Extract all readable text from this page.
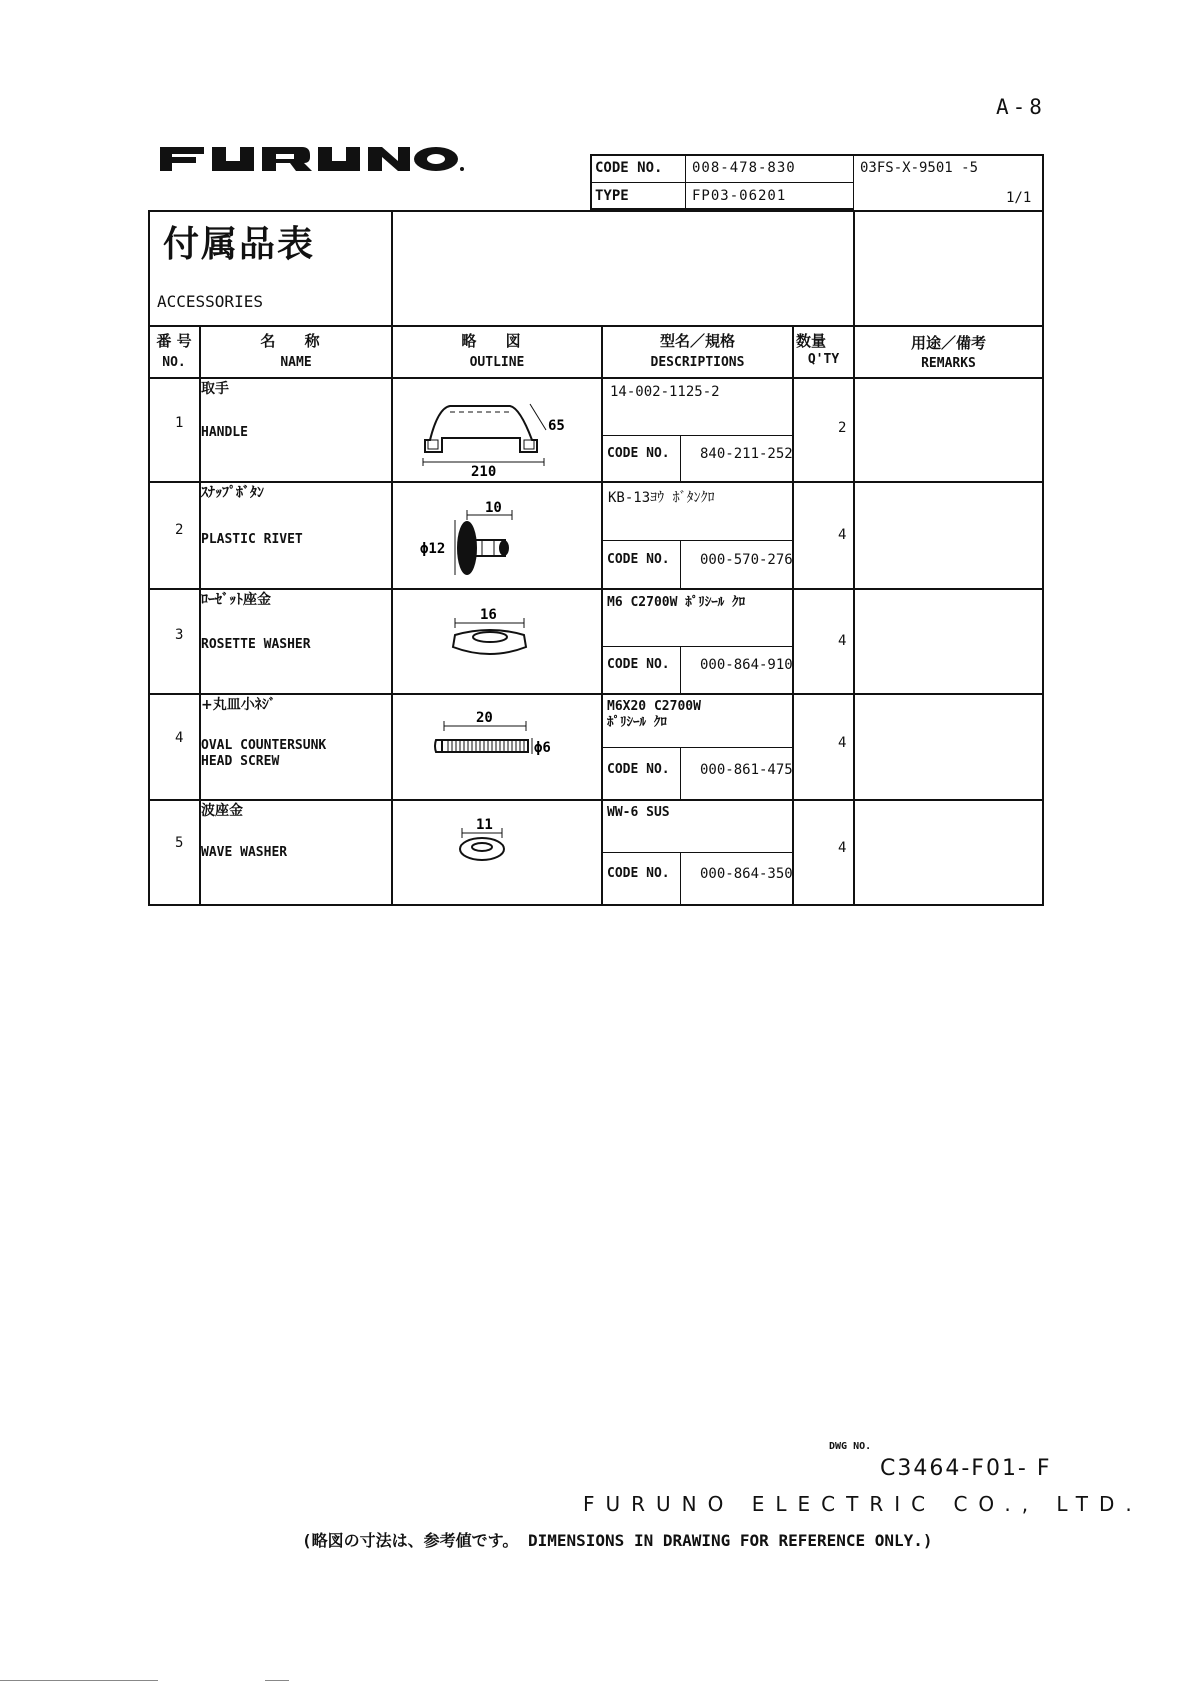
A-8
FURUNO	CODE NO. 008-478-830
TYPE	FP03-06201
03FS-X-9501 -5
1/1
付属品表
ACCESSORIES
番 号
NO.
名 称
NAME
略 図
OUTLINE
型名／規格
DESCRIPTIONS
数量
Q'TY
用途／備考
REMARKS
1
取手
HANDLE
14-002-1125-2
CODE NO. 840-211-252
2
210
65
2
ｽﾅｯﾌﾟﾎﾞﾀﾝ
PLASTIC RIVET
KB-13ﾖｳ ﾎﾞﾀﾝｸﾛ
CODE NO. 000-570-276
4
10
ϕ12
3
ﾛｰｾﾞｯﾄ座金
ROSETTE WASHER
M6 C2700W ﾎﾟﾘｼｰﾙ ｸﾛ
CODE NO. 000-864-910
4
16
4
+丸皿小ﾈｼﾞ
OVAL COUNTERSUNK
HEAD SCREW
M6X20 C2700W
ﾎﾟﾘｼｰﾙ ｸﾛ
CODE NO. 000-861-475
4
20
ϕ6
5
波座金
WAVE WASHER
WW-6 SUS
CODE NO. 000-864-350
4
11
DWG NO.
C3464-F01- F
FURUNO ELECTRIC CO., LTD.
(略図の寸法は、参考値です。 DIMENSIONS IN DRAWING FOR REFERENCE ONLY.)
